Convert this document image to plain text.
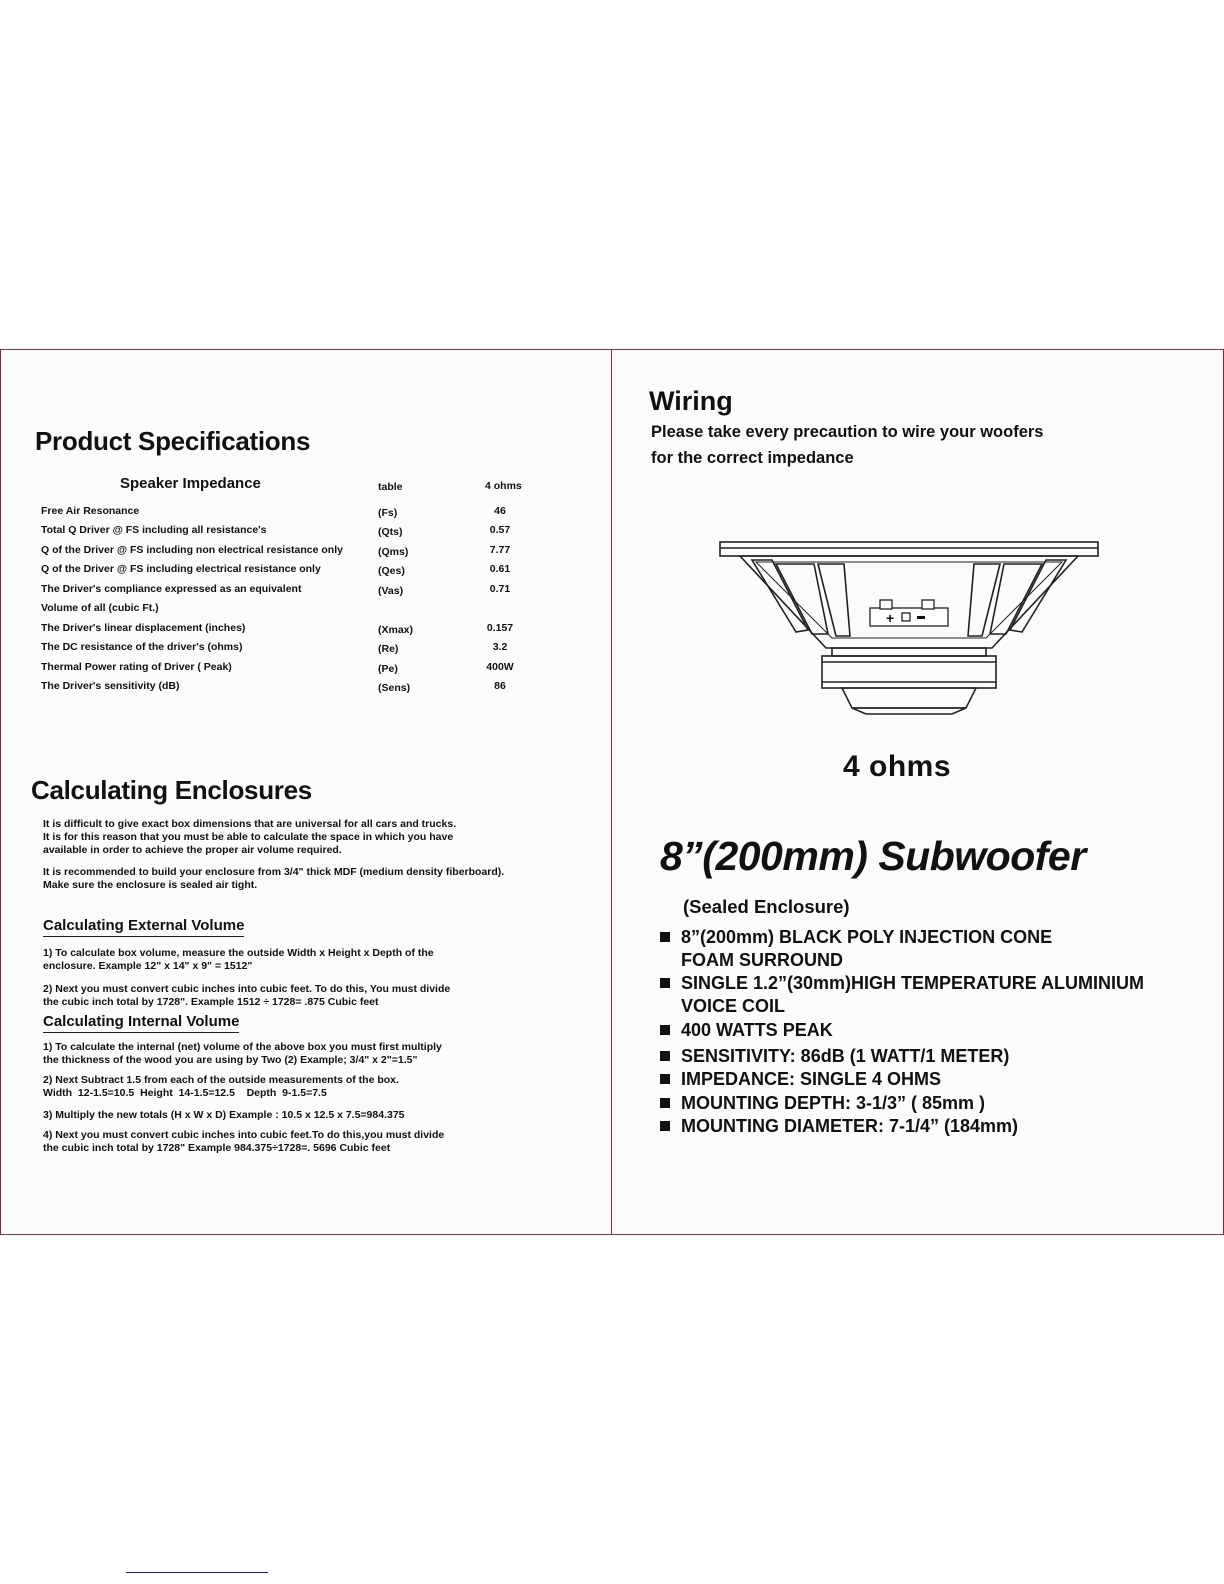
Product Specifications
Speaker Impedance	table	4 ohms
Free Air Resonance	(Fs)	46
Total Q Driver @ FS including all resistance's	(Qts)	0.57
Q of the Driver @ FS including non electrical resistance only	(Qms)	7.77
Q of the Driver @ FS including electrical resistance only	(Qes)	0.61
The Driver's compliance expressed as an equivalent	(Vas)	0.71
Volume of all (cubic Ft.)
The Driver's linear displacement (inches)	(Xmax)	0.157
The DC resistance of the driver's (ohms)	(Re)	3.2
Thermal Power rating of Driver ( Peak)	(Pe)	400W
The Driver's sensitivity (dB)	(Sens)	86
Calculating Enclosures
It is difficult to give exact box dimensions that are universal for all cars and trucks.
It is for this reason that you must be able to calculate the space in which you have
available in order to achieve the proper air volume required.
It is recommended to build your enclosure from 3/4" thick MDF (medium density fiberboard).
Make sure the enclosure is sealed air tight.
Calculating External Volume
1) To calculate box volume, measure the outside Width x Height x Depth of the
enclosure. Example 12" x 14" x 9" = 1512"
2) Next you must convert cubic inches into cubic feet. To do this, You must divide
the cubic inch total by 1728". Example 1512 ÷ 1728= .875 Cubic feet
Calculating Internal Volume
1) To calculate the internal (net) volume of the above box you must first multiply
the thickness of the wood you are using by Two (2) Example; 3/4" x 2"=1.5"
2) Next Subtract 1.5 from each of the outside measurements of the box.
Width  12-1.5=10.5  Height  14-1.5=12.5    Depth  9-1.5=7.5
3) Multiply the new totals (H x W x D) Example : 10.5 x 12.5 x 7.5=984.375
4) Next you must convert cubic inches into cubic feet.To do this,you must divide
the cubic inch total by 1728" Example 984.375÷1728=. 5696 Cubic feet
Wiring
Please take every precaution to wire your woofers
for the correct impedance
+
4 ohms
8”(200mm) Subwoofer
(Sealed Enclosure)
8”(200mm) BLACK POLY INJECTION CONE
FOAM SURROUND
SINGLE 1.2”(30mm)HIGH TEMPERATURE ALUMINIUM
VOICE COIL
400 WATTS PEAK
SENSITIVITY: 86dB (1 WATT/1 METER)
IMPEDANCE: SINGLE 4 OHMS
MOUNTING DEPTH: 3-1/3” ( 85mm )
MOUNTING DIAMETER: 7-1/4” (184mm)
